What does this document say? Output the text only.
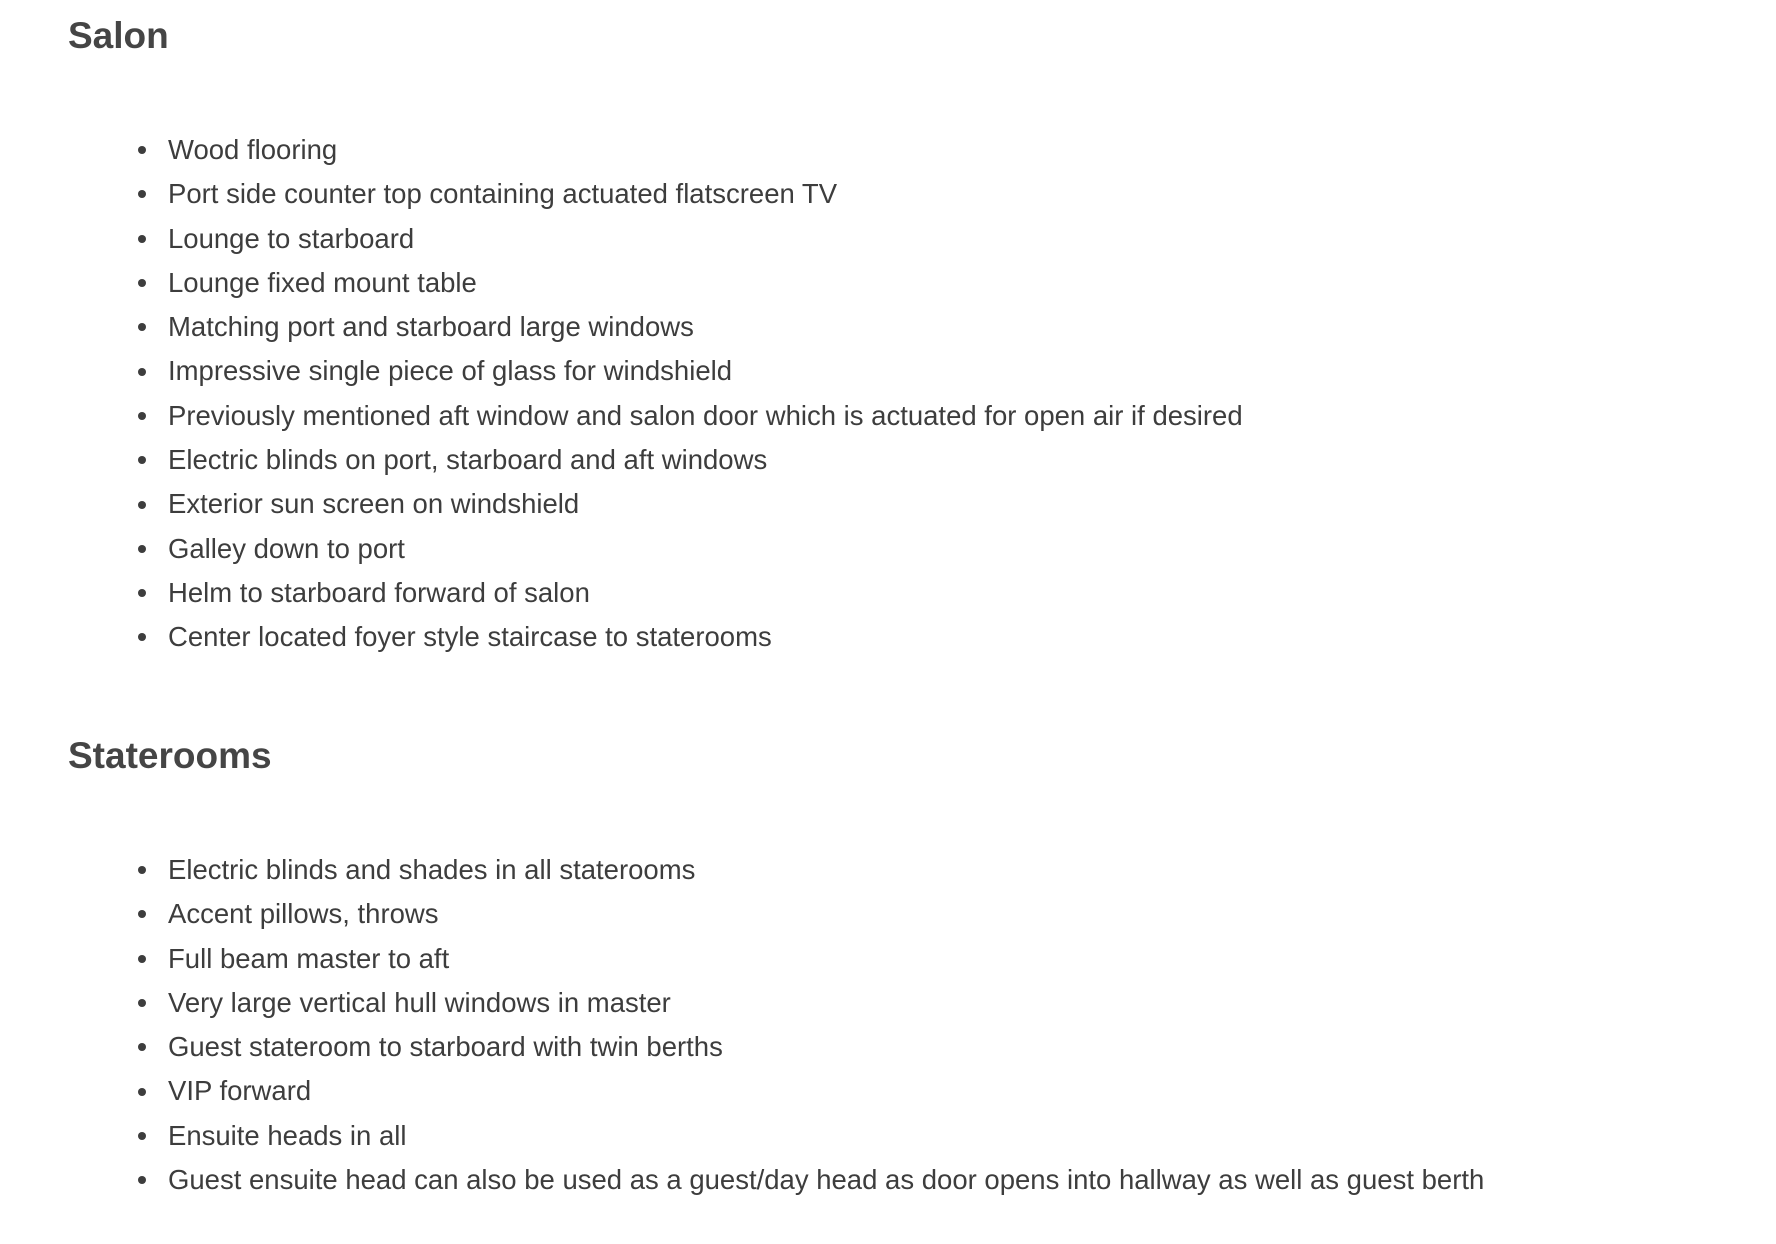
Salon
Wood flooring
Port side counter top containing actuated flatscreen TV
Lounge to starboard
Lounge fixed mount table
Matching port and starboard large windows
Impressive single piece of glass for windshield
Previously mentioned aft window and salon door which is actuated for open air if desired
Electric blinds on port, starboard and aft windows
Exterior sun screen on windshield
Galley down to port
Helm to starboard forward of salon
Center located foyer style staircase to staterooms
Staterooms
Electric blinds and shades in all staterooms
Accent pillows, throws
Full beam master to aft
Very large vertical hull windows in master
Guest stateroom to starboard with twin berths
VIP forward
Ensuite heads in all
Guest ensuite head can also be used as a guest/day head as door opens into hallway as well as guest berth
